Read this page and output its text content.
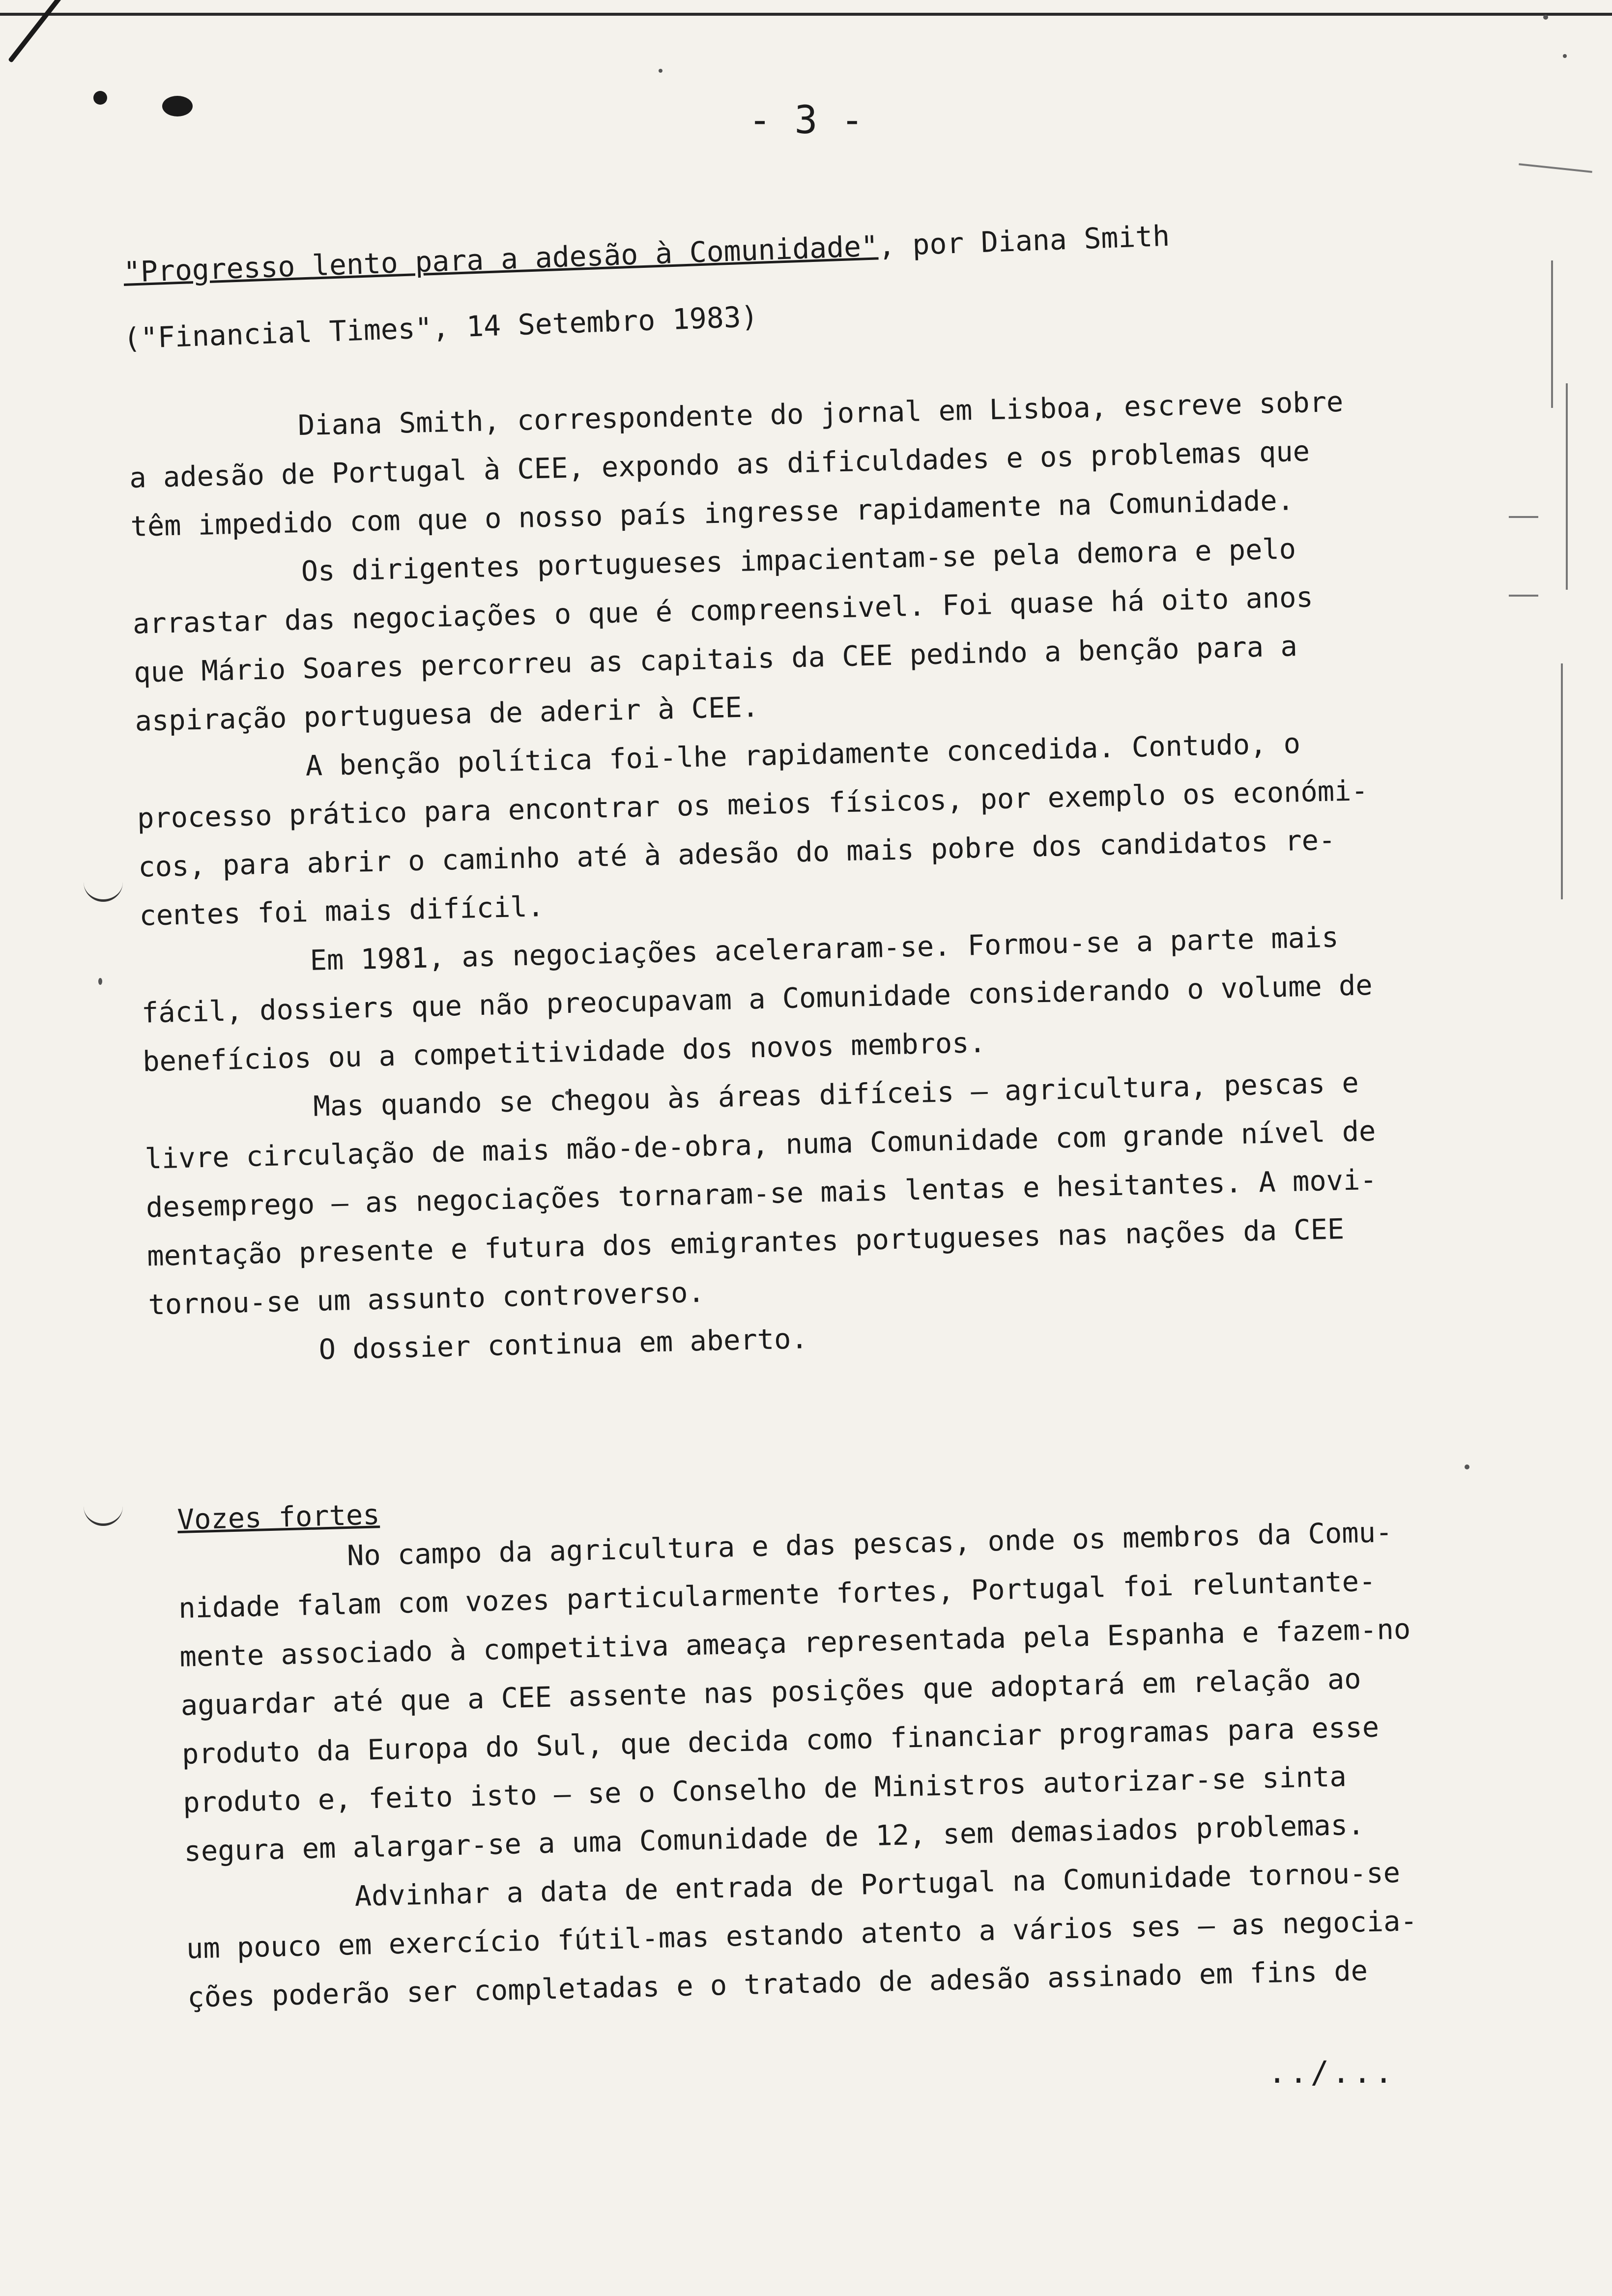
- 3 -
"Progresso lento para a adesão à Comunidade", por Diana Smith
("Financial Times", 14 Setembro 1983)

Diana Smith, correspondente do jornal em Lisboa, escreve sobre

a adesão de Portugal à CEE, expondo as dificuldades e os problemas que

têm impedido com que o nosso país ingresse rapidamente na Comunidade.

Os dirigentes portugueses impacientam-se pela demora e pelo

arrastar das negociações o que é compreensivel. Foi quase há oito anos

que Mário Soares percorreu as capitais da CEE pedindo a benção para a

aspiração portuguesa de aderir à CEE.

A benção política foi-lhe rapidamente concedida. Contudo, o

processo prático para encontrar os meios físicos, por exemplo os económi-

cos, para abrir o caminho até à adesão do mais pobre dos candidatos re-

centes foi mais difícil.

Em 1981, as negociações aceleraram-se. Formou-se a parte mais

fácil, dossiers que não preocupavam a Comunidade considerando o volume de

benefícios ou a competitividade dos novos membros.

Mas quando se chegou às áreas difíceis — agricultura, pescas e

livre circulação de mais mão-de-obra, numa Comunidade com grande nível de

desemprego — as negociações tornaram-se mais lentas e hesitantes. A movi-

mentação presente e futura dos emigrantes portugueses nas nações da CEE

tornou-se um assunto controverso.

O dossier continua em aberto.

Vozes fortes

No campo da agricultura e das pescas, onde os membros da Comu-

nidade falam com vozes particularmente fortes, Portugal foi reluntante-

mente associado à competitiva ameaça representada pela Espanha e fazem-no

aguardar até que a CEE assente nas posições que adoptará em relação ao

produto da Europa do Sul, que decida como financiar programas para esse

produto e, feito isto — se o Conselho de Ministros autorizar-se sinta

segura em alargar-se a uma Comunidade de 12, sem demasiados problemas.

Advinhar a data de entrada de Portugal na Comunidade tornou-se

um pouco em exercício fútil-mas estando atento a vários ses — as negocia-

ções poderão ser completadas e o tratado de adesão assinado em fins de

../...
